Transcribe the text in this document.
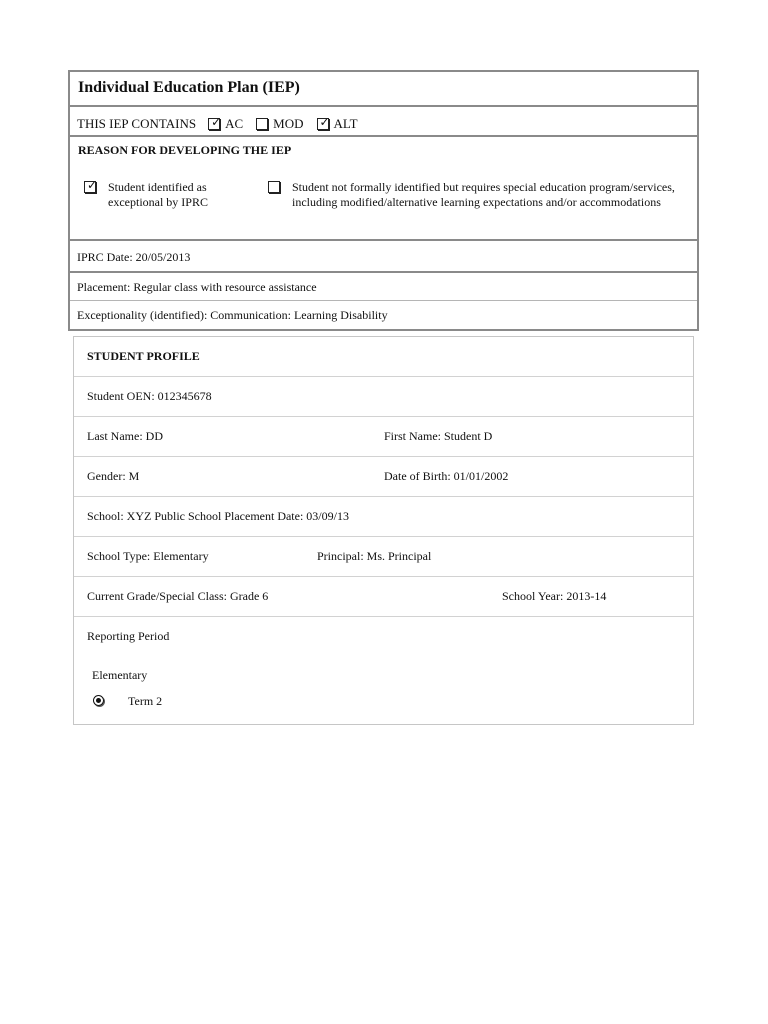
Individual Education Plan (IEP)
THIS IEP CONTAINS ✓ AC MOD ✓ ALT
REASON FOR DEVELOPING THE IEP
✓ Student identified as exceptional by IPRC
Student not formally identified but requires special education program/services, including modified/alternative learning expectations and/or accommodations
IPRC Date: 20/05/2013
Placement: Regular class with resource assistance
Exceptionality (identified): Communication: Learning Disability
STUDENT PROFILE
Student OEN: 012345678
Last Name: DD	First Name: Student D
Gender: M	Date of Birth: 01/01/2002
School: XYZ Public School Placement Date: 03/09/13
School Type: Elementary	Principal: Ms. Principal
Current Grade/Special Class: Grade 6	School Year: 2013-14
Reporting Period
Elementary
Term 2
